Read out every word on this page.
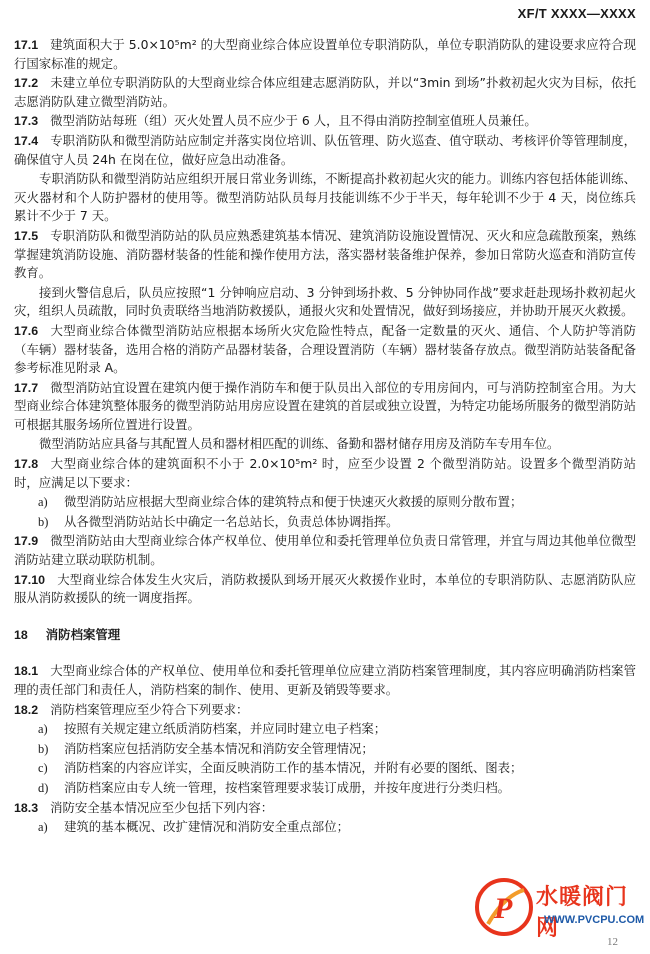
XF/T XXXX—XXXX
17.1 建筑面积大于 5.0×10⁵m² 的大型商业综合体应设置单位专职消防队，单位专职消防队的建设要求应符合现行国家标准的规定。
17.2 未建立单位专职消防队的大型商业综合体应组建志愿消防队，并以“3min 到场”扑救初起火灾为目标，依托志愿消防队建立微型消防站。
17.3 微型消防站每班（组）灭火处置人员不应少于 6 人，且不得由消防控制室值班人员兼任。
17.4 专职消防队和微型消防站应制定并落实岗位培训、队伍管理、防火巡查、值守联动、考核评价等管理制度，确保值守人员 24h 在岗在位，做好应急出动准备。
专职消防队和微型消防站应组织开展日常业务训练，不断提高扑救初起火灾的能力。训练内容包括体能训练、灭火器材和个人防护器材的使用等。微型消防站队员每月技能训练不少于半天，每年轮训不少于 4 天，岗位练兵累计不少于 7 天。
17.5 专职消防队和微型消防站的队员应熟悉建筑基本情况、建筑消防设施设置情况、灭火和应急疏散预案，熟练掌握建筑消防设施、消防器材装备的性能和操作使用方法，落实器材装备维护保养，参加日常防火巡查和消防宣传教育。
接到火警信息后，队员应按照“1 分钟响应启动、3 分钟到场扑救、5 分钟协同作战”要求赶赴现场扑救初起火灾，组织人员疏散，同时负责联络当地消防救援队，通报火灾和处置情况，做好到场接应，并协助开展灭火救援。
17.6 大型商业综合体微型消防站应根据本场所火灾危险性特点，配备一定数量的灭火、通信、个人防护等消防（车辆）器材装备，选用合格的消防产品器材装备，合理设置消防（车辆）器材装备存放点。微型消防站装备配备参考标准见附录 A。
17.7 微型消防站宜设置在建筑内便于操作消防车和便于队员出入部位的专用房间内，可与消防控制室合用。为大型商业综合体建筑整体服务的微型消防站用房应设置在建筑的首层或独立设置，为特定功能场所服务的微型消防站可根据其服务场所位置进行设置。
微型消防站应具备与其配置人员和器材相匹配的训练、备勤和器材储存用房及消防车专用车位。
17.8 大型商业综合体的建筑面积不小于 2.0×10⁵m² 时，应至少设置 2 个微型消防站。设置多个微型消防站时，应满足以下要求：
a) 微型消防站应根据大型商业综合体的建筑特点和便于快速灭火救援的原则分散布置；
b) 从各微型消防站站长中确定一名总站长，负责总体协调指挥。
17.9 微型消防站由大型商业综合体产权单位、使用单位和委托管理单位负责日常管理，并宜与周边其他单位微型消防站建立联动联防机制。
17.10 大型商业综合体发生火灾后，消防救援队到场开展灭火救援作业时，本单位的专职消防队、志愿消防队应服从消防救援队的统一调度指挥。
18 消防档案管理
18.1 大型商业综合体的产权单位、使用单位和委托管理单位应建立消防档案管理制度，其内容应明确消防档案管理的责任部门和责任人，消防档案的制作、使用、更新及销毁等要求。
18.2 消防档案管理应至少符合下列要求：
a) 按照有关规定建立纸质消防档案，并应同时建立电子档案；
b) 消防档案应包括消防安全基本情况和消防安全管理情况；
c) 消防档案的内容应详实，全面反映消防工作的基本情况，并附有必要的图纸、图表；
d) 消防档案应由专人统一管理，按档案管理要求装订成册，并按年度进行分类归档。
18.3 消防安全基本情况应至少包括下列内容：
a) 建筑的基本概况、改扩建情况和消防安全重点部位；
12
P 水暖阀门网
WWW.PVCPU.COM
